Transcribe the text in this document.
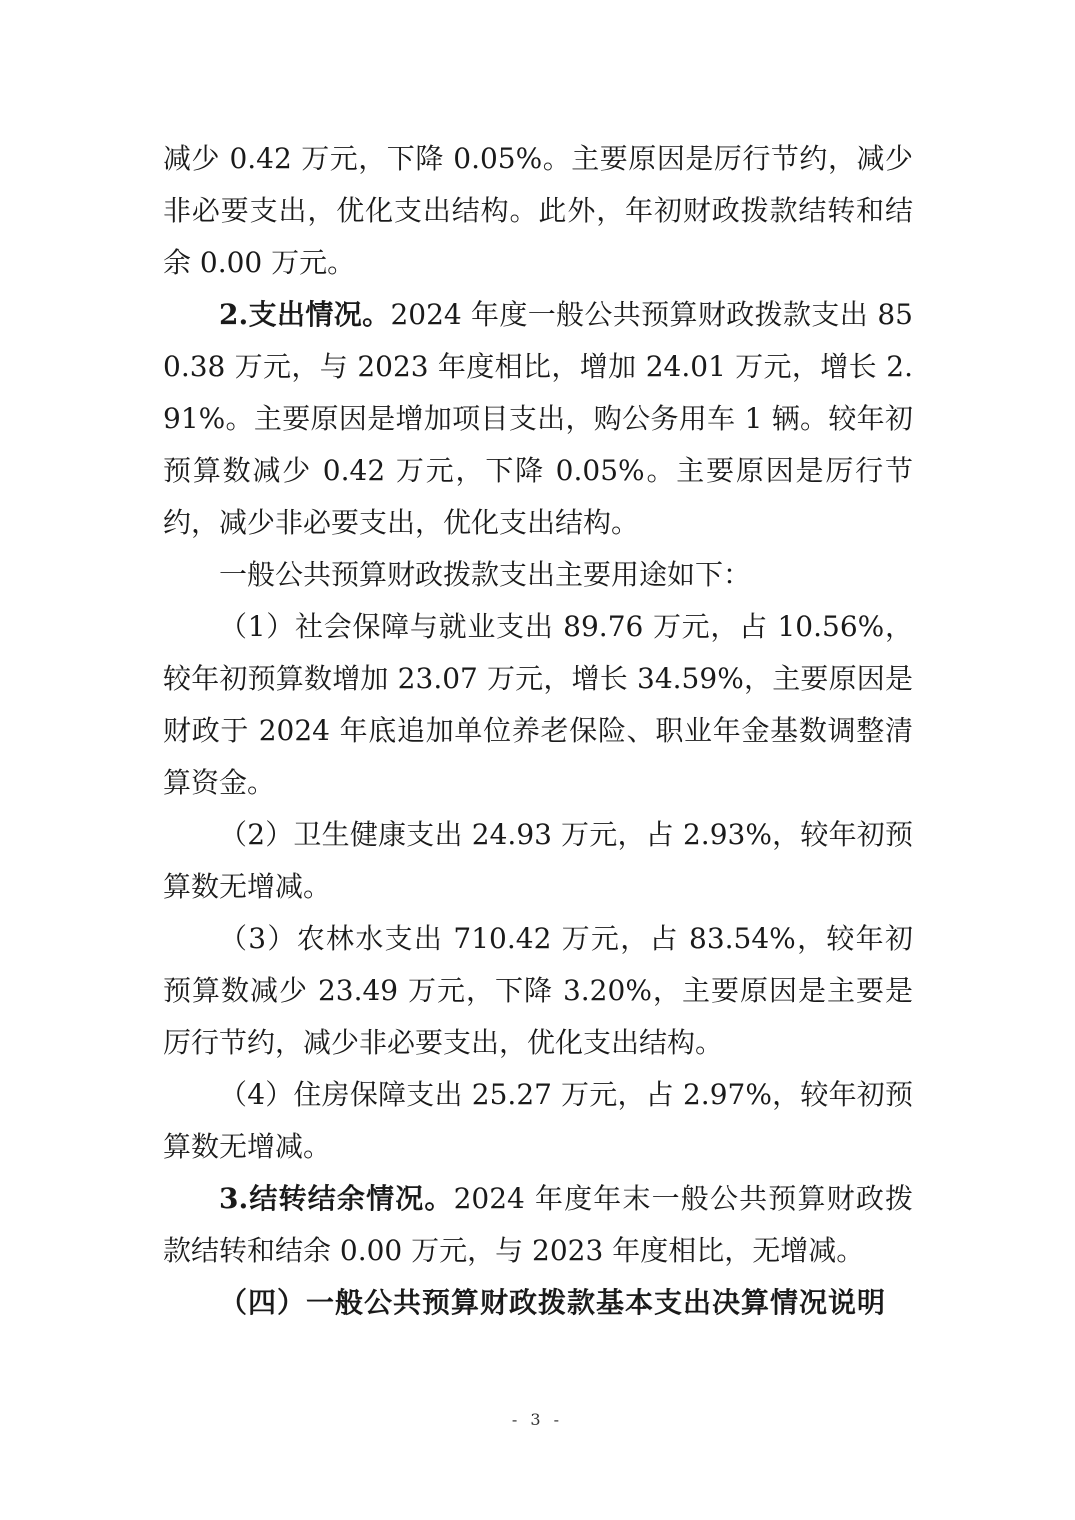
减少 0.42 万元，下降 0.05%。主要原因是厉行节约，减少非必要支出，优化支出结构。此外，年初财政拨款结转和结余 0.00 万元。

2.支出情况。2024 年度一般公共预算财政拨款支出 850.38 万元，与 2023 年度相比，增加 24.01 万元，增长 2.91%。主要原因是增加项目支出，购公务用车 1 辆。较年初预算数减少 0.42 万元，下降 0.05%。主要原因是厉行节约，减少非必要支出，优化支出结构。

一般公共预算财政拨款支出主要用途如下：

（1）社会保障与就业支出 89.76 万元，占 10.56%，较年初预算数增加 23.07 万元，增长 34.59%，主要原因是财政于 2024 年底追加单位养老保险、职业年金基数调整清算资金。

（2）卫生健康支出 24.93 万元，占 2.93%，较年初预算数无增减。

（3）农林水支出 710.42 万元，占 83.54%，较年初预算数减少 23.49 万元，下降 3.20%，主要原因是主要是厉行节约，减少非必要支出，优化支出结构。

（4）住房保障支出 25.27 万元，占 2.97%，较年初预算数无增减。

3.结转结余情况。2024 年度年末一般公共预算财政拨款结转和结余 0.00 万元，与 2023 年度相比，无增减。

（四）一般公共预算财政拨款基本支出决算情况说明

- 3 -
